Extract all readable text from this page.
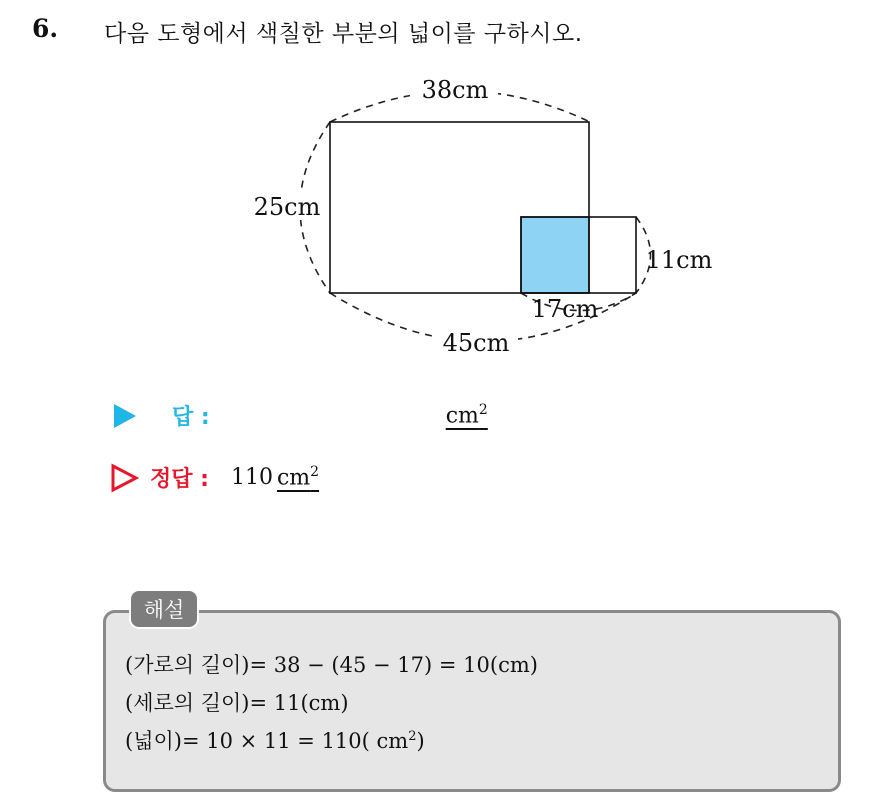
6. 다음 도형에서 색칠한 부분의 넓이를 구하시오.
38cm
25cm
11cm
17cm
45cm
답 :	$cm^2$
정답 : 110 $cm^2$
해설
(가로의 길이)= 38 − (45 − 17) = 10(cm)
(세로의 길이)= 11(cm)
(넓이)= 10 × 11 = 110( $cm^2$)
